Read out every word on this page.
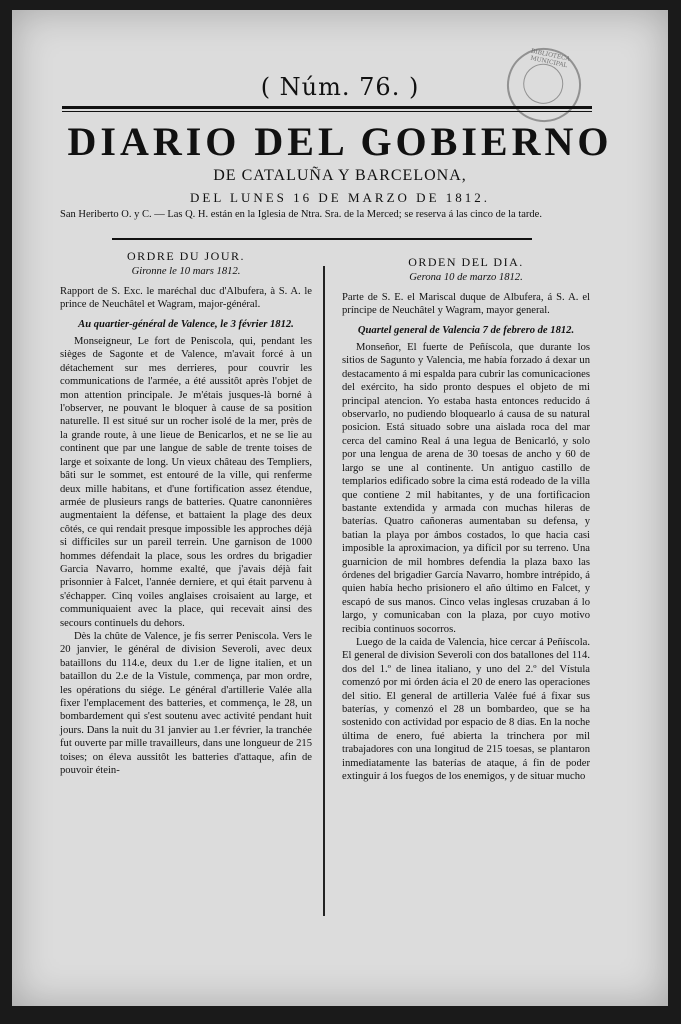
( Núm. 76. )
BIBLIOTECA MUNICIPAL
DIARIO DEL GOBIERNO
DE CATALUÑA Y BARCELONA,
DEL LUNES 16 DE MARZO DE 1812.
San Heriberto O. y C. — Las Q. H. están en la Iglesia de Ntra. Sra. de la Merced; se reserva á las cinco de la tarde.
ORDRE DU JOUR.
Gironne le 10 mars 1812.
Rapport de S. Exc. le maréchal duc d'Albufera, à S. A. le prince de Neuchâtel et Wagram, major-général.
Au quartier-général de Valence, le 3 février 1812.

Monseigneur, Le fort de Peniscola, qui, pendant les sièges de Sagonte et de Valence, m'avait forcé à un détachement sur mes derrieres, pour couvrir les communications de l'armée, a été aussitôt après l'objet de mon attention principale. Je m'étais jusques-là borné à l'observer, ne pouvant le bloquer à cause de sa position naturelle. Il est situé sur un rocher isolé de la mer, près de la grande route, à une lieue de Benicarlos, et ne se lie au continent que par une langue de sable de trente toises de large et soixante de long. Un vieux château des Templiers, bâti sur le sommet, est entouré de la ville, qui renferme deux mille habitans, et d'une fortification assez étendue, armée de plusieurs rangs de batteries. Quatre canonnières augmentaient la défense, et battaient la plage des deux côtés, ce qui rendait presque impossible les approches déjà si difficiles sur un pareil terrein. Une garnison de 1000 hommes défendait la place, sous les ordres du brigadier Garcia Navarro, homme exalté, que j'avais déjà fait prisonnier à Falcet, l'année derniere, et qui était parvenu à s'échapper. Cinq voiles anglaises croisaient au large, et communiquaient avec la place, qui recevait ainsi des secours continuels du dehors.

Dès la chûte de Valence, je fis serrer Peniscola. Vers le 20 janvier, le général de division Severoli, avec deux bataillons du 114.e, deux du 1.er de ligne italien, et un bataillon du 2.e de la Vistule, commença, par mon ordre, les opérations du siége. Le général d'artillerie Valée alla fixer l'emplacement des batteries, et commença, le 28, un bombardement qui s'est soutenu avec activité pendant huit jours. Dans la nuit du 31 janvier au 1.er février, la tranchée fut ouverte par mille travailleurs, dans une longueur de 215 toises; on éleva aussitôt les batteries d'attaque, afin de pouvoir étein-

ORDEN DEL DIA.
Gerona 10 de marzo 1812.
Parte de S. E. el Mariscal duque de Albufera, á S. A. el príncipe de Neuchâtel y Wagram, mayor general.
Quartel general de Valencia 7 de febrero de 1812.

Monseñor, El fuerte de Peñíscola, que durante los sitios de Sagunto y Valencia, me había forzado á dexar un destacamento á mi espalda para cubrir las comunicaciones del exército, ha sido pronto despues el objeto de mi principal atencion. Yo estaba hasta entonces reducido á observarlo, no pudiendo bloquearlo á causa de su natural posicion. Está situado sobre una aislada roca del mar cerca del camino Real á una legua de Benicarló, y solo por una lengua de arena de 30 toesas de ancho y 60 de largo se une al continente. Un antiguo castillo de templarios edificado sobre la cima está rodeado de la villa que contiene 2 mil habitantes, y de una fortificacion bastante extendida y armada con muchas hileras de baterías. Quatro cañoneras aumentaban su defensa, y batian la playa por ámbos costados, lo que hacia casi imposible la aproximacion, ya difícil por su terreno. Una guarnicion de mil hombres defendia la plaza baxo las órdenes del brigadier García Navarro, hombre intrépido, á quien había hecho prisionero el año último en Falcet, y escapó de sus manos. Cinco velas inglesas cruzaban á lo largo, y comunicaban con la plaza, por cuyo motivo recibia continuos socorros.

Luego de la caida de Valencia, hice cercar á Peñíscola. El general de division Severoli con dos batallones del 114. dos del 1.º de linea italiano, y uno del 2.º del Vístula comenzó por mi órden ácia el 20 de enero las operaciones del sitio. El general de artilleria Valée fué á fixar sus baterías, y comenzó el 28 un bombardeo, que se ha sostenido con actividad por espacio de 8 dias. En la noche última de enero, fué abierta la trinchera por mil trabajadores con una longitud de 215 toesas, se plantaron inmediatamente las baterías de ataque, á fin de poder extinguir á los fuegos de los enemigos, y de situar mucho
